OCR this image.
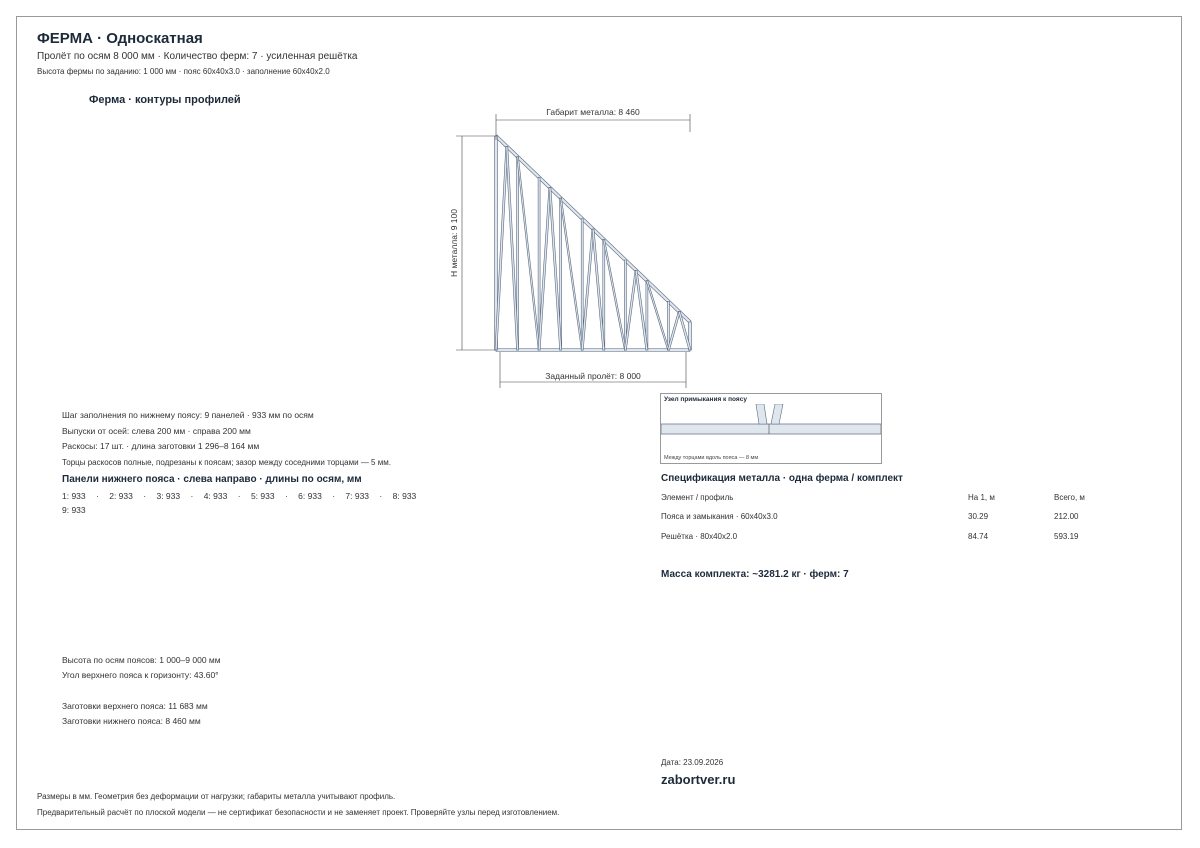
ФЕРМА · Односкатная
Пролёт по осям 8 000 мм · Количество ферм: 7 · усиленная решётка
Высота фермы по заданию: 1 000 мм · пояс 60х40х3.0 · заполнение 60х40х2.0
Ферма · контуры профилей
Габарит металла: 8 460
Н металла: 9 100
Заданный пролёт: 8 000
Узел примыкания к поясу
Между торцами вдоль пояса — 8 мм
Шаг заполнения по нижнему поясу: 9 панелей · 933 мм по осям
Выпуски от осей: слева 200 мм · справа 200 мм
Раскосы: 17 шт. · длина заготовки 1 296–8 164 мм
Торцы раскосов полные, подрезаны к поясам; зазор между соседними торцами — 5 мм.
Панели нижнего пояса · слева направо · длины по осям, мм
1: 933 · 2: 933 · 3: 933 · 4: 933 · 5: 933 · 6: 933 · 7: 933 · 8: 933
9: 933
Высота по осям поясов: 1 000–9 000 мм
Угол верхнего пояса к горизонту: 43.60°
Заготовки верхнего пояса: 11 683 мм
Заготовки нижнего пояса: 8 460 мм
Спецификация металла · одна ферма / комплект
Элемент / профиль	На 1, м	Всего, м
Пояса и замыкания · 60х40х3.0	30.29	212.00
Решётка · 80х40х2.0	84.74	593.19
Масса комплекта: ~3281.2 кг · ферм: 7
Дата: 23.09.2026
zabortver.ru
Размеры в мм. Геометрия без деформации от нагрузки; габариты металла учитывают профиль.
Предварительный расчёт по плоской модели — не сертификат безопасности и не заменяет проект. Проверяйте узлы перед изготовлением.
